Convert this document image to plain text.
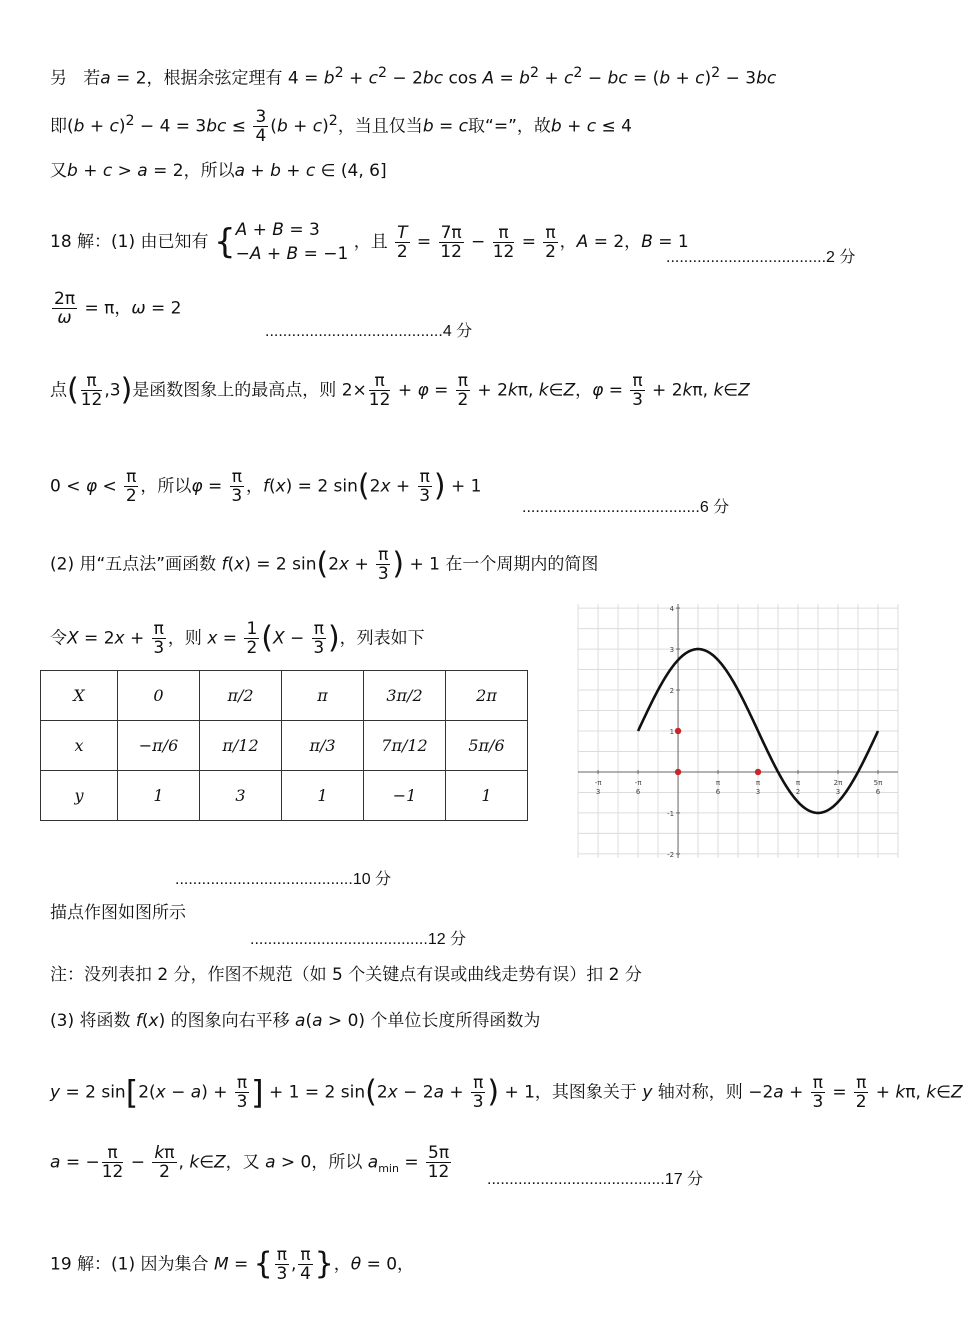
另   若a = 2，根据余弦定理有 $4 = b^2 + c^2 - 2bc$ $\cos A = b^2 + c^2$ − bc = $(b + c)^2 - 3bc$
即$(b + c)^2 - 4 = 3bc \le \frac{3}{4} (b + c)^2$，当且仅当b = c取“=”，故b + c ≤ 4
又b + c > a = 2，所以a + b + c ∈ (4, 6]
18 解：(1) 由已知有 {A + B = 3
−A + B = −1 ，且 $\frac{T}{2} = \frac{7\pi}{12} - \frac{\pi}{12} = \frac{\pi}{2}$ ，A = 2，B = 1
....................................2 分
$\frac{2\pi}{\omega} = \pi$，ω = 2
........................................4 分
点( $\frac{\pi}{12} ,3$)是函数图象上的最高点，则 $2\times \frac{\pi}{12} + \varphi = \frac{\pi}{2} + 2k\pi$, k∈Z，$\varphi = \frac{\pi}{3} + 2k\pi$, k∈Z
$0 < \varphi < \frac{\pi}{2}$ ，所以$\varphi = \frac{\pi}{3}$ ，f(x) = 2 $\sin(2x + \frac{\pi}{3}$ ) + 1
........................................6 分
(2) 用“五点法”画函数 f(x) = 2 $\sin(2x + \frac{\pi}{3}$ ) + 1 在一个周期内的简图
令$X = 2x + \frac{\pi}{3}$ ，则 $x = \frac{1}{2} (X - \frac{\pi}{3}$ )，列表如下
X	0	π/2	π	3π/2	2π
x	−π/6	π/12	π/3	7π/12	5π/6
y	1	3	1	−1	1
-π 3
-π 6
π 6
π 3
π 2
2π 3
5π 6
-2
-1
1
2
3
4
........................................10 分
描点作图如图所示
........................................12 分
注：没列表扣 2 分，作图不规范（如 5 个关键点有误或曲线走势有误）扣 2 分
(3) 将函数 f(x) 的图象向右平移 a(a > 0) 个单位长度所得函数为
y = 2 $\sin[2(x - a) + \frac{\pi}{3}$ ] + 1 = 2 $\sin(2x - 2a + \frac{\pi}{3}$ ) + 1，其图象关于 y 轴对称，则 $-2a + \frac{\pi}{3} = \frac{\pi}{2} + k\pi$, k∈Z
a = − $\frac{\pi}{12} - \frac{k\pi}{2}$ , k∈Z，又 a > 0，所以 $a_{min} = \frac{5\pi}{12} ........................................17$ 分
19 解：(1) 因为集合 M = { $\frac{\pi}{3}$ , $\frac{\pi}{4}$ }，θ = 0，
